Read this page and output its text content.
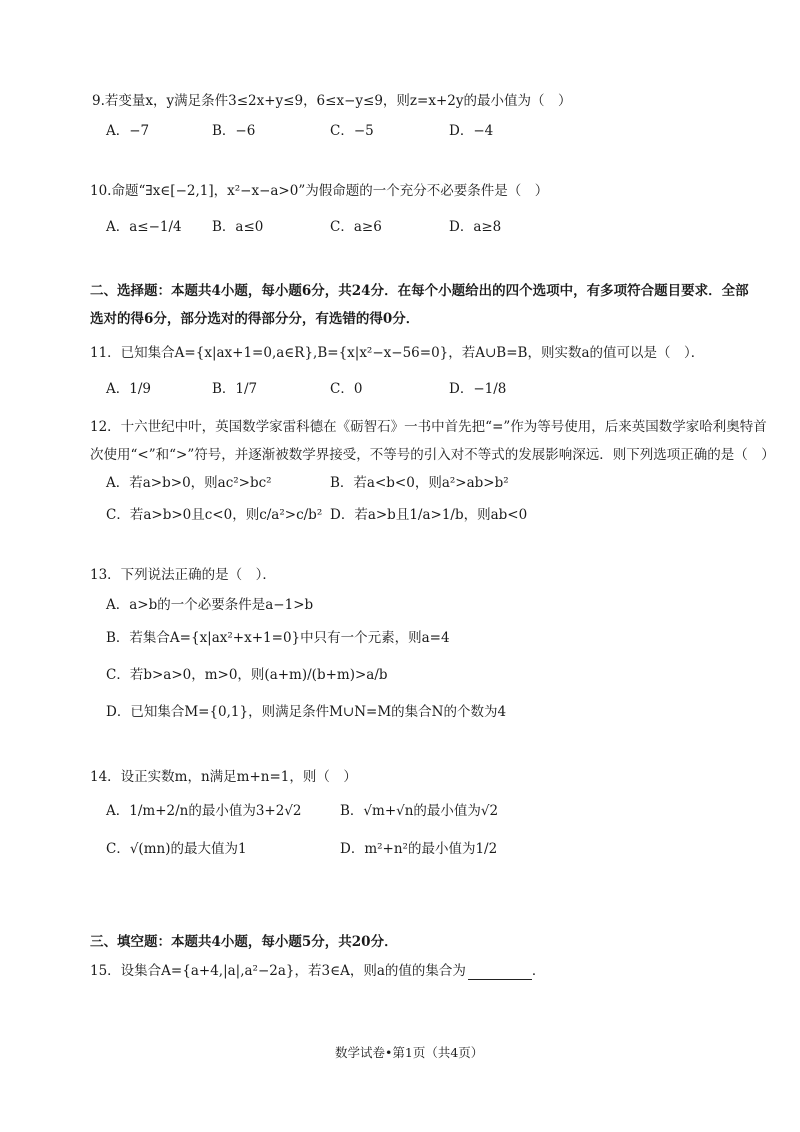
9.若变量x，y满足条件3≤2x+y≤9，6≤x−y≤9，则z=x+2y的最小值为（　）
A．−7	B．−6	C．−5	D．−4
10.命题“∃x∈[−2,1]，x²−x−a>0”为假命题的一个充分不必要条件是（　）
A．a≤−1/4 B．a≤0	C．a≥6	D．a≥8
二、选择题：本题共4小题，每小题6分，共24分．在每个小题给出的四个选项中，有多项符合题目要求．全部
选对的得6分，部分选对的得部分分，有选错的得0分．
11．已知集合A={x|ax+1=0,a∈R},B={x|x²−x−56=0}，若A∪B=B，则实数a的值可以是（　）．
A．1/9	B．1/7	C．0	D．−1/8
12．十六世纪中叶，英国数学家雷科德在《砺智石》一书中首先把“=”作为等号使用，后来英国数学家哈利奥特首
次使用“<”和“>”符号，并逐渐被数学界接受，不等号的引入对不等式的发展影响深远．则下列选项正确的是（　）
A．若a>b>0，则ac²>bc²	B．若a<b<0，则a²>ab>b²
C．若a>b>0且c<0，则c/a²>c/b² D．若a>b且1/a>1/b，则ab<0
13．下列说法正确的是（　）．
A．a>b的一个必要条件是a−1>b
B．若集合A={x|ax²+x+1=0}中只有一个元素，则a=4
C．若b>a>0，m>0，则(a+m)/(b+m)>a/b
D．已知集合M={0,1}，则满足条件M∪N=M的集合N的个数为4
14．设正实数m，n满足m+n=1，则（　）
A．1/m+2/n的最小值为3+2√2	B．√m+√n的最小值为√2
C．√(mn)的最大值为1	D．m²+n²的最小值为1/2
三、填空题：本题共4小题，每小题5分，共20分．
15．设集合A={a+4,|a|,a²−2a}，若3∈A，则a的值的集合为	．
数学试卷•第1页（共4页）
